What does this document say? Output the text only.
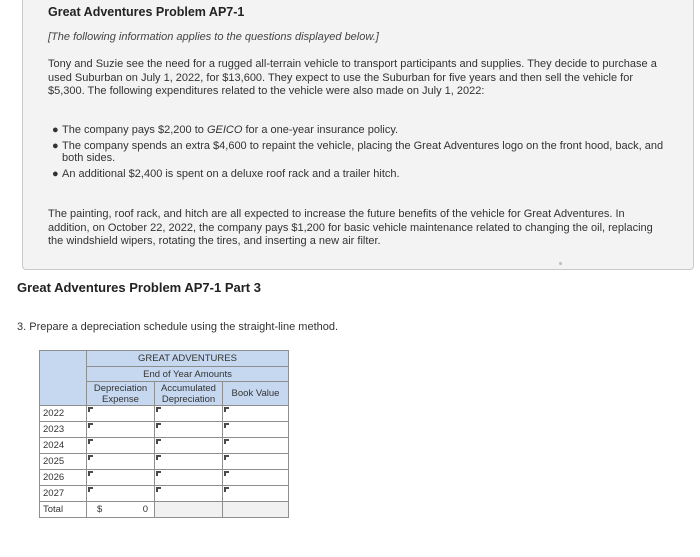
Great Adventures Problem AP7-1
[The following information applies to the questions displayed below.]
Tony and Suzie see the need for a rugged all-terrain vehicle to transport participants and supplies. They decide to purchase a used Suburban on July 1, 2022, for $13,600. They expect to use the Suburban for five years and then sell the vehicle for $5,300. The following expenditures related to the vehicle were also made on July 1, 2022:
● The company pays $2,200 to GEICO for a one-year insurance policy.
● The company spends an extra $4,600 to repaint the vehicle, placing the Great Adventures logo on the front hood, back, and both sides.
● An additional $2,400 is spent on a deluxe roof rack and a trailer hitch.
The painting, roof rack, and hitch are all expected to increase the future benefits of the vehicle for Great Adventures. In addition, on October 22, 2022, the company pays $1,200 for basic vehicle maintenance related to changing the oil, replacing the windshield wipers, rotating the tires, and inserting a new air filter.
Great Adventures Problem AP7-1 Part 3
3. Prepare a depreciation schedule using the straight-line method.
	GREAT ADVENTURES		
	End of Year Amounts		
	Depreciation Expense	Accumulated Depreciation	Book Value
2022			
2023			
2024			
2025			
2026			
2027			
Total	$ 0		
